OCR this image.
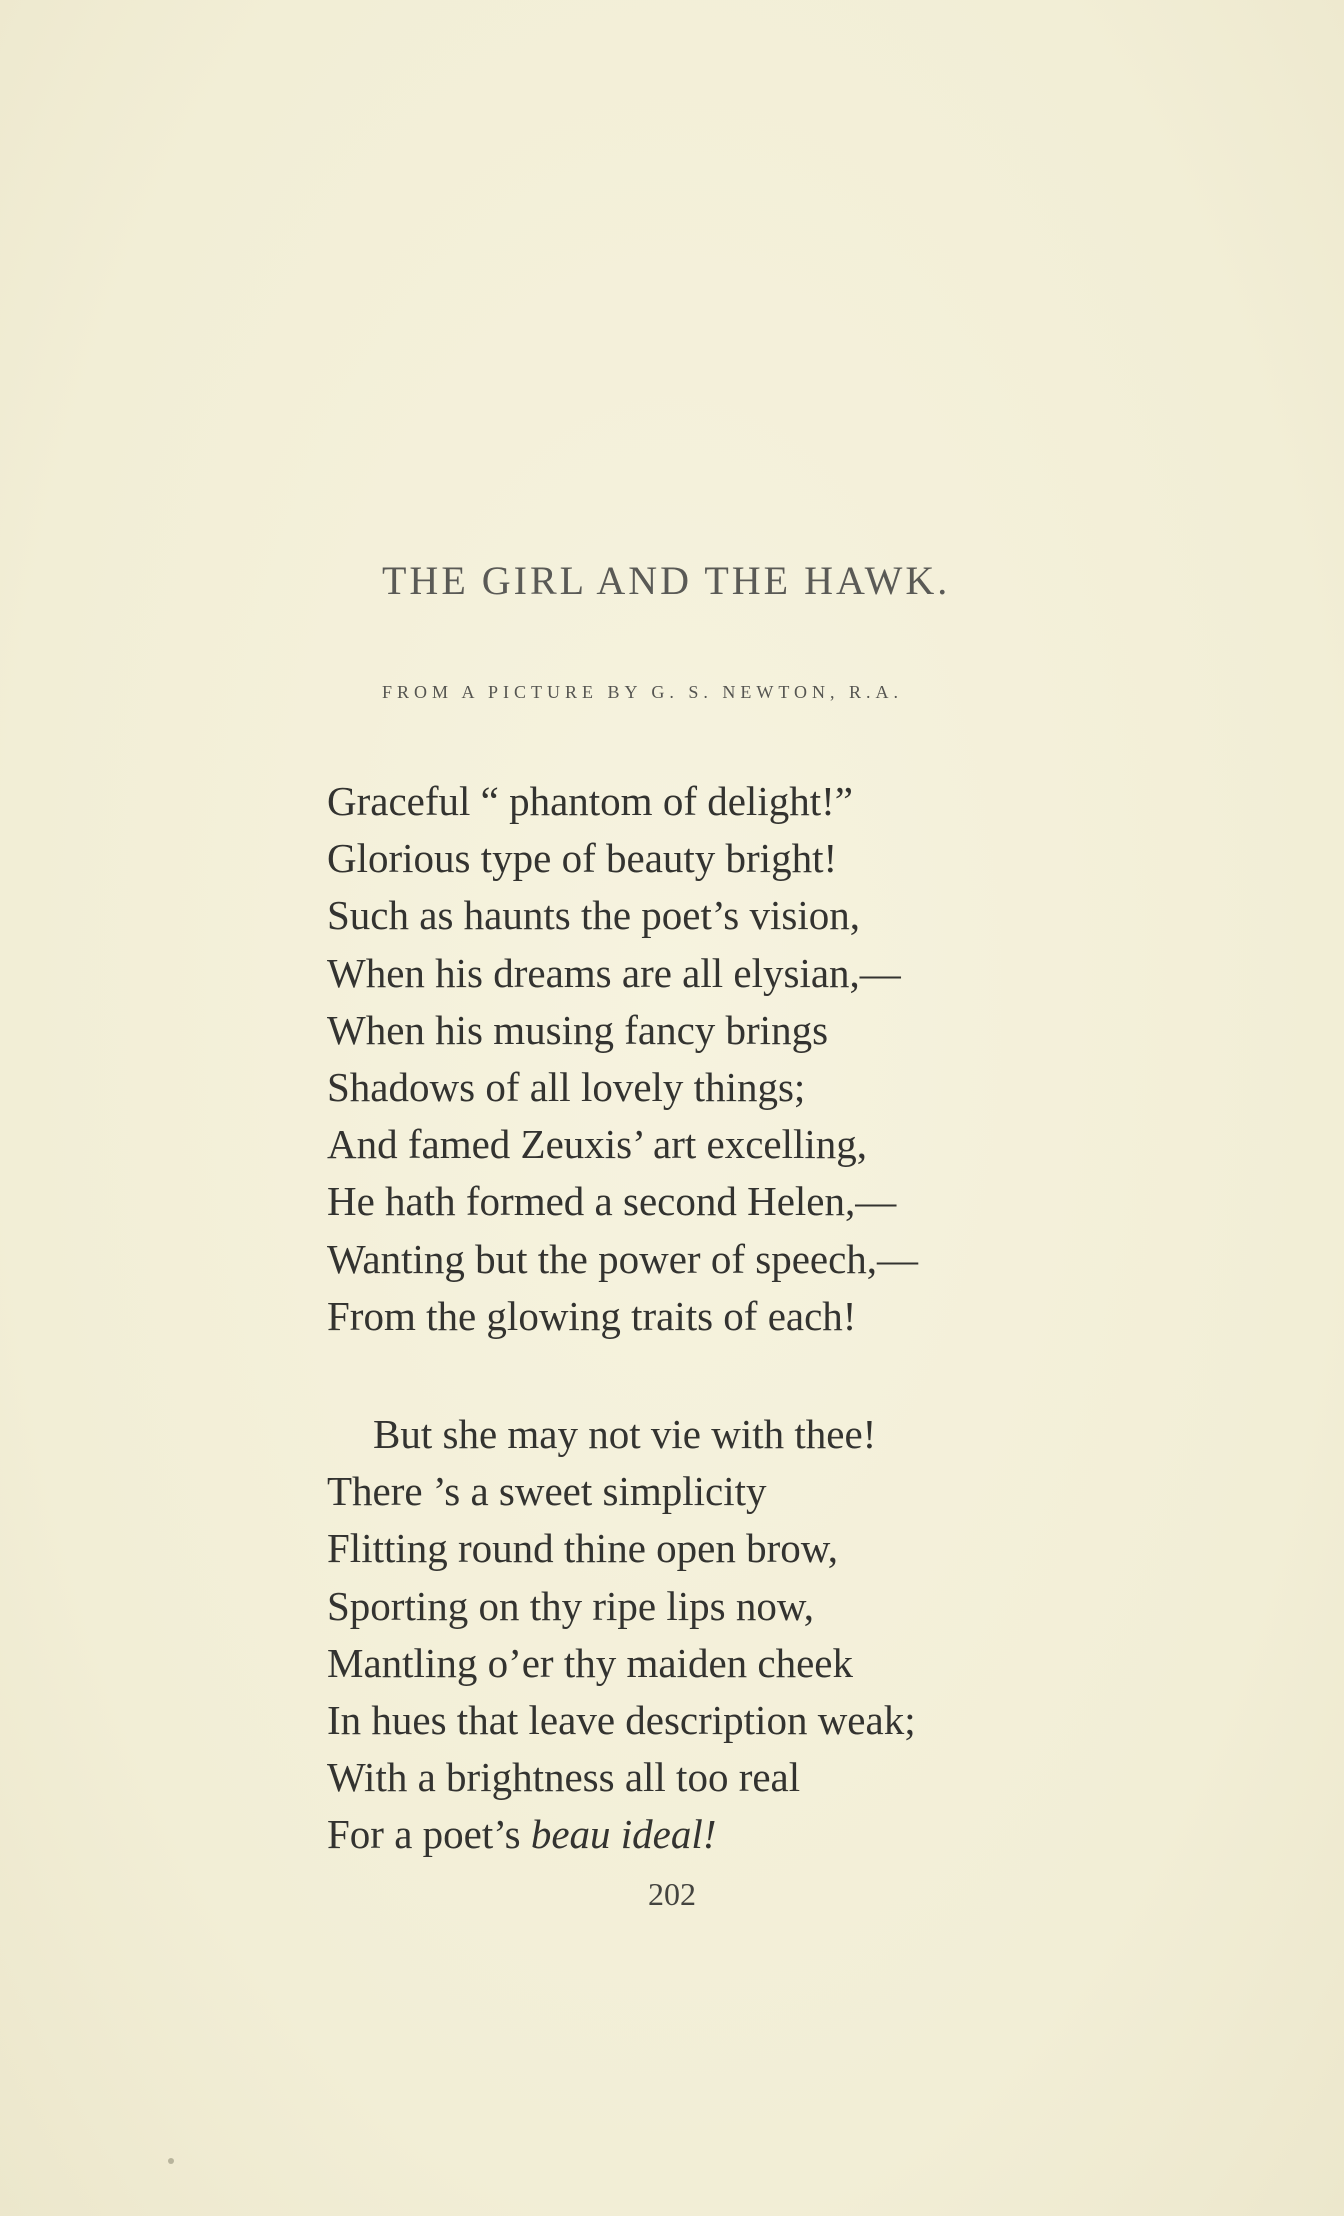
THE GIRL AND THE HAWK.
FROM A PICTURE BY G. S. NEWTON, R.A.
Graceful “ phantom of delight!”
Glorious type of beauty bright!
Such as haunts the poet’s vision,
When his dreams are all elysian,—
When his musing fancy brings
Shadows of all lovely things;
And famed Zeuxis’ art excelling,
He hath formed a second Helen,—
Wanting but the power of speech,—
From the glowing traits of each!
But she may not vie with thee!
There ’s a sweet simplicity
Flitting round thine open brow,
Sporting on thy ripe lips now,
Mantling o’er thy maiden cheek
In hues that leave description weak;
With a brightness all too real
For a poet’s beau ideal!
202
